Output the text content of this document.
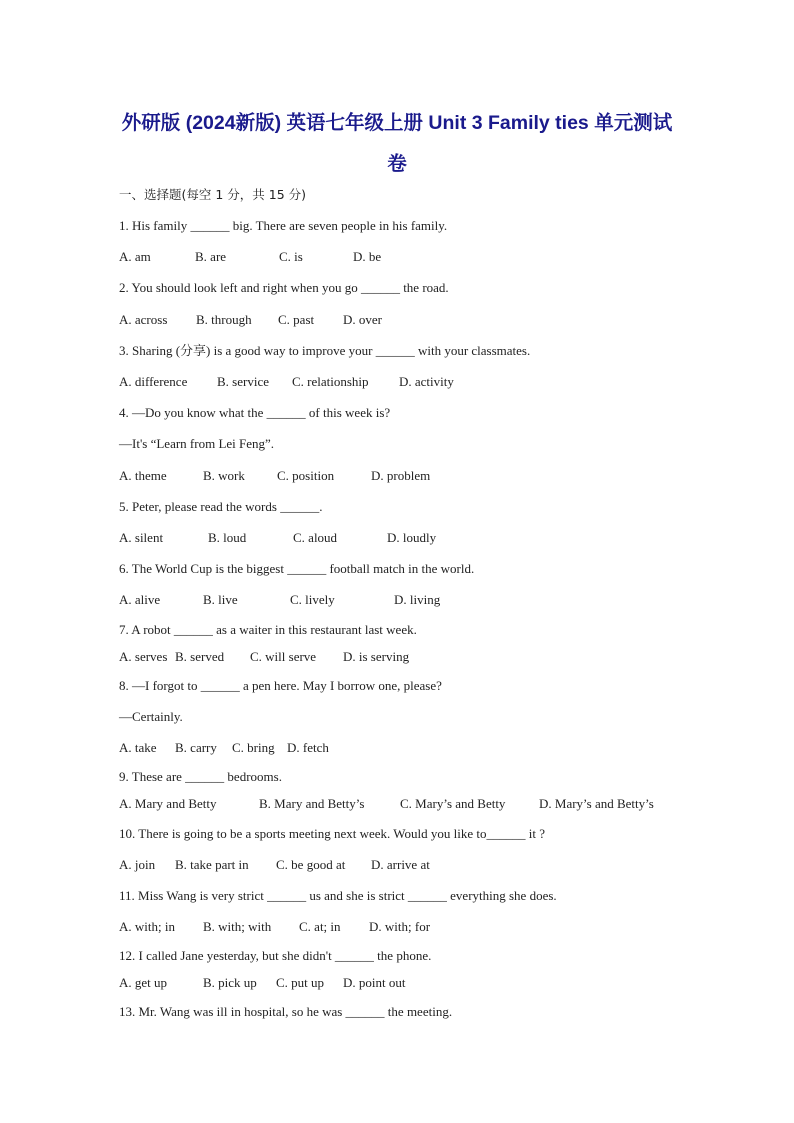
外研版 (2024新版) 英语七年级上册 Unit 3 Family ties 单元测试
卷
一、选择题(每空 1 分，共 15 分)
1. His family ______ big. There are seven people in his family.
A. am	B. are	C. is	D. be
2. You should look left and right when you go ______ the road.
A. across B. through C. past D. over
3. Sharing (分享) is a good way to improve your ______ with your classmates.
A. difference B. service C. relationship D. activity
4. —Do you know what the ______ of this week is?
—It's “Learn from Lei Feng”.
A. theme	B. work C. position	D. problem
5. Peter, please read the words ______.
A. silent	B. loud	C. aloud	D. loudly
6. The World Cup is the biggest ______ football match in the world.
A. alive	B. live	C. lively	D. living
7. A robot ______ as a waiter in this restaurant last week.
A. serves B. served C. will serve D. is serving
8. —I forgot to ______ a pen here. May I borrow one, please?
—Certainly.
A. take B. carry C. bring D. fetch
9. These are ______ bedrooms.
A. Mary and Betty	B. Mary and Betty’s	C. Mary’s and Betty	D. Mary’s and Betty’s
10. There is going to be a sports meeting next week. Would you like to______ it ?
A. join B. take part in C. be good at D. arrive at
11. Miss Wang is very strict ______ us and she is strict ______ everything she does.
A. with; in B. with; with C. at; in D. with; for
12. I called Jane yesterday, but she didn't ______ the phone.
A. get up	B. pick up C. put up D. point out
13. Mr. Wang was ill in hospital, so he was ______ the meeting.
